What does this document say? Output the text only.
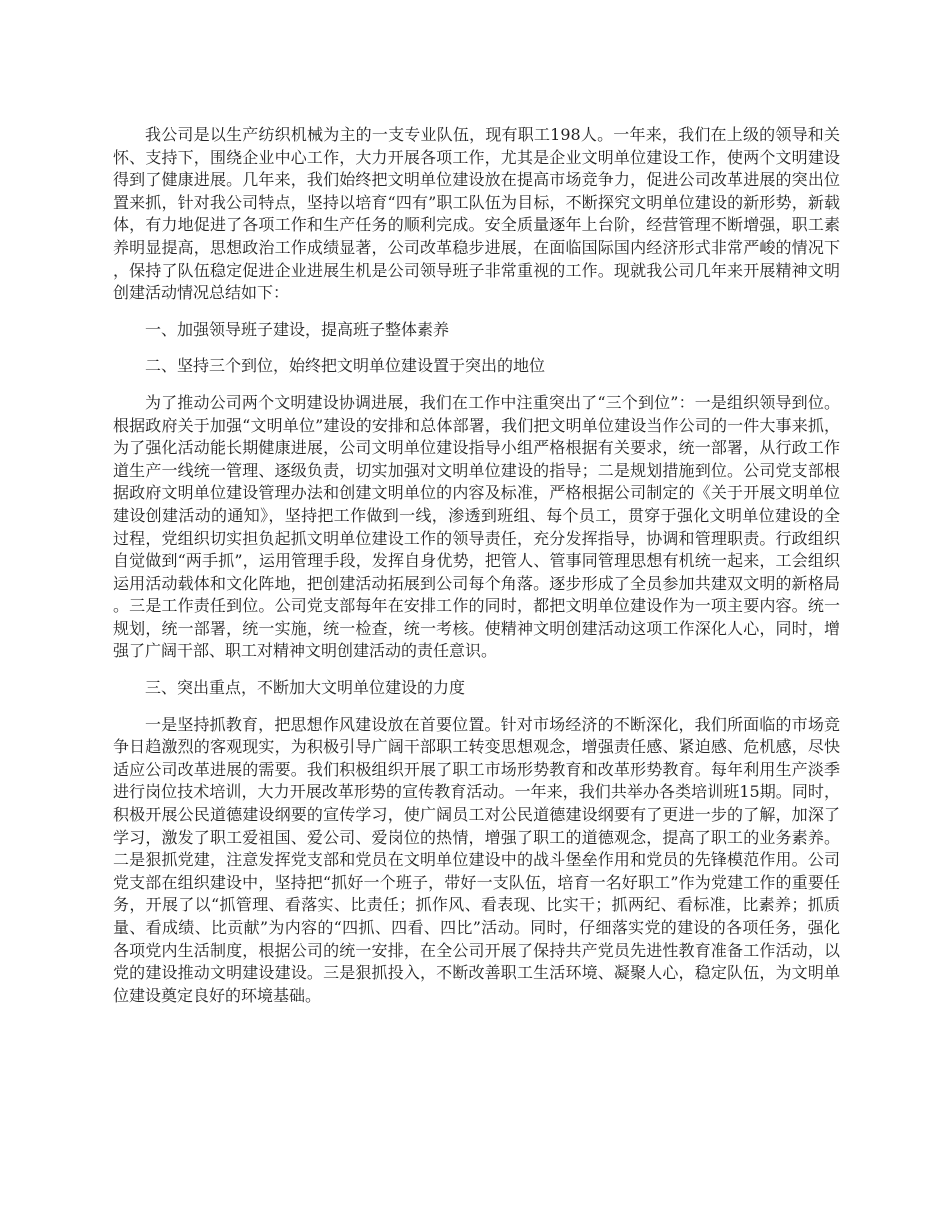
我公司是以生产纺织机械为主的一支专业队伍，现有职工198人。一年来，我们在上级的领导和关怀、支持下，围绕企业中心工作，大力开展各项工作，尤其是企业文明单位建设工作，使两个文明建设得到了健康进展。几年来，我们始终把文明单位建设放在提高市场竞争力，促进公司改革进展的突出位置来抓，针对我公司特点，坚持以培育“四有”职工队伍为目标，不断探究文明单位建设的新形势，新载体，有力地促进了各项工作和生产任务的顺利完成。安全质量逐年上台阶，经营管理不断增强，职工素养明显提高，思想政治工作成绩显著，公司改革稳步进展，在面临国际国内经济形式非常严峻的情况下，保持了队伍稳定促进企业进展生机是公司领导班子非常重视的工作。现就我公司几年来开展精神文明创建活动情况总结如下：

一、加强领导班子建设，提高班子整体素养

二、坚持三个到位，始终把文明单位建设置于突出的地位

为了推动公司两个文明建设协调进展，我们在工作中注重突出了“三个到位”：一是组织领导到位。根据政府关于加强“文明单位”建设的安排和总体部署，我们把文明单位建设当作公司的一件大事来抓，为了强化活动能长期健康进展，公司文明单位建设指导小组严格根据有关要求，统一部署，从行政工作道生产一线统一管理、逐级负责，切实加强对文明单位建设的指导；二是规划措施到位。公司党支部根据政府文明单位建设管理办法和创建文明单位的内容及标准，严格根据公司制定的《关于开展文明单位建设创建活动的通知》，坚持把工作做到一线，渗透到班组、每个员工，贯穿于强化文明单位建设的全过程，党组织切实担负起抓文明单位建设工作的领导责任，充分发挥指导，协调和管理职责。行政组织自觉做到“两手抓”，运用管理手段，发挥自身优势，把管人、管事同管理思想有机统一起来，工会组织运用活动载体和文化阵地，把创建活动拓展到公司每个角落。逐步形成了全员参加共建双文明的新格局。三是工作责任到位。公司党支部每年在安排工作的同时，都把文明单位建设作为一项主要内容。统一规划，统一部署，统一实施，统一检查，统一考核。使精神文明创建活动这项工作深化人心，同时，增强了广阔干部、职工对精神文明创建活动的责任意识。

三、突出重点，不断加大文明单位建设的力度

一是坚持抓教育，把思想作风建设放在首要位置。针对市场经济的不断深化，我们所面临的市场竞争日趋激烈的客观现实，为积极引导广阔干部职工转变思想观念，增强责任感、紧迫感、危机感，尽快适应公司改革进展的需要。我们积极组织开展了职工市场形势教育和改革形势教育。每年利用生产淡季进行岗位技术培训，大力开展改革形势的宣传教育活动。一年来，我们共举办各类培训班15期。同时，积极开展公民道德建设纲要的宣传学习，使广阔员工对公民道德建设纲要有了更进一步的了解，加深了学习，激发了职工爱祖国、爱公司、爱岗位的热情，增强了职工的道德观念，提高了职工的业务素养。二是狠抓党建，注意发挥党支部和党员在文明单位建设中的战斗堡垒作用和党员的先锋模范作用。公司党支部在组织建设中，坚持把“抓好一个班子，带好一支队伍，培育一名好职工”作为党建工作的重要任务，开展了以“抓管理、看落实、比责任；抓作风、看表现、比实干；抓两纪、看标准，比素养；抓质量、看成绩、比贡献”为内容的“四抓、四看、四比”活动。同时，仔细落实党的建设的各项任务，强化各项党内生活制度，根据公司的统一安排，在全公司开展了保持共产党员先进性教育准备工作活动，以党的建设推动文明建设建设。三是狠抓投入，不断改善职工生活环境、凝聚人心，稳定队伍，为文明单位建设奠定良好的环境基础。
